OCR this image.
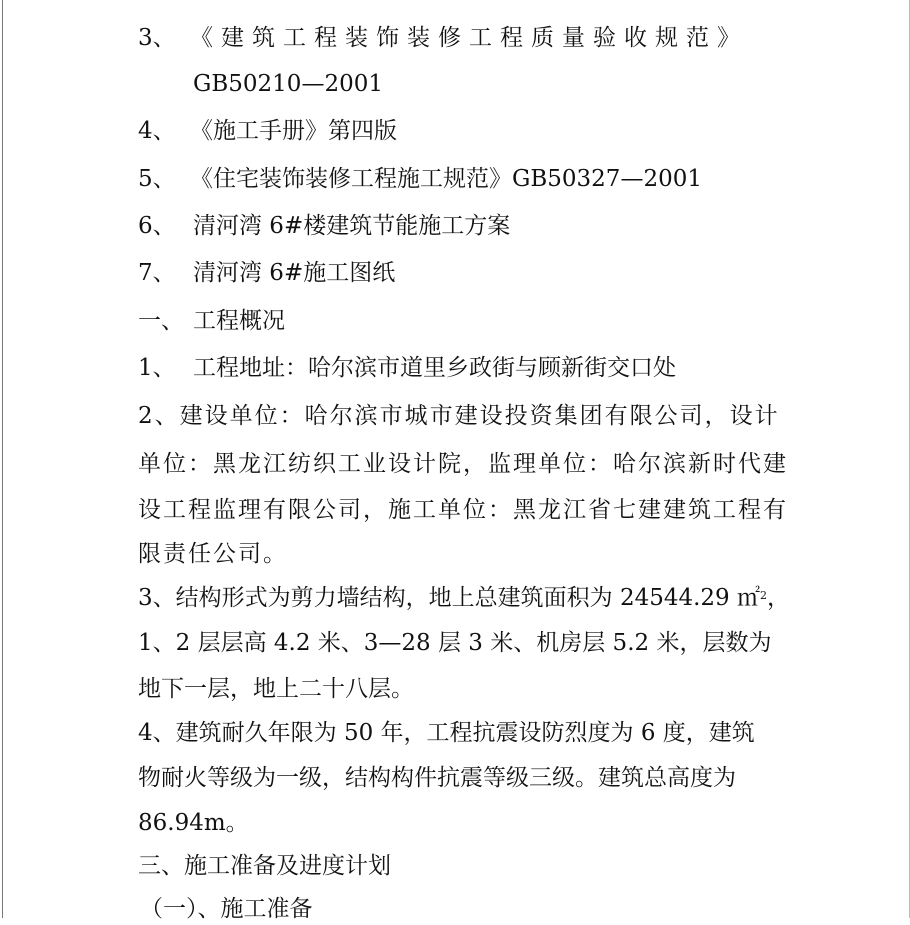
3、 《建筑工程装饰装修工程质量验收规范》
GB50210—2001
4、 《施工手册》第四版
5、 《住宅装饰装修工程施工规范》GB50327—2001
6、 清河湾 6#楼建筑节能施工方案
7、 清河湾 6#施工图纸
一、 工程概况
1、 工程地址：哈尔滨市道里乡政街与顾新街交口处
2、建设单位：哈尔滨市城市建设投资集团有限公司，设计
单位：黑龙江纺织工业设计院，监理单位：哈尔滨新时代建
设工程监理有限公司，施工单位：黑龙江省七建建筑工程有
限责任公司。
3、结构形式为剪力墙结构，地上总建筑面积为 24544.29 ㎡$^2$，
1、2 层层高 4.2 米、3—28 层 3 米、机房层 5.2 米，层数为
地下一层，地上二十八层。
4、建筑耐久年限为 50 年，工程抗震设防烈度为 6 度，建筑
物耐火等级为一级，结构构件抗震等级三级。建筑总高度为
86.94m。
三、施工准备及进度计划
（一）、施工准备
